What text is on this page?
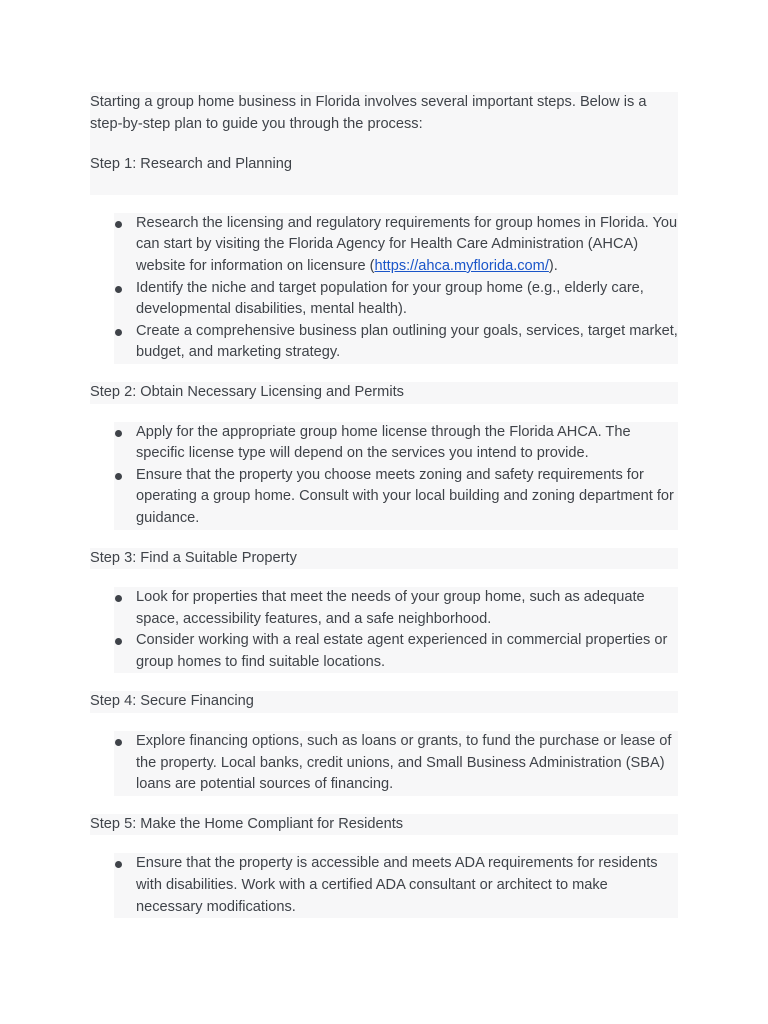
Starting a group home business in Florida involves several important steps. Below is a step-by-step plan to guide you through the process:

Step 1: Research and Planning

Research the licensing and regulatory requirements for group homes in Florida. You can start by visiting the Florida Agency for Health Care Administration (AHCA) website for information on licensure (https://ahca.myflorida.com/).
Identify the niche and target population for your group home (e.g., elderly care, developmental disabilities, mental health).
Create a comprehensive business plan outlining your goals, services, target market, budget, and marketing strategy.

Step 2: Obtain Necessary Licensing and Permits

Apply for the appropriate group home license through the Florida AHCA. The specific license type will depend on the services you intend to provide.
Ensure that the property you choose meets zoning and safety requirements for operating a group home. Consult with your local building and zoning department for guidance.

Step 3: Find a Suitable Property

Look for properties that meet the needs of your group home, such as adequate space, accessibility features, and a safe neighborhood.
Consider working with a real estate agent experienced in commercial properties or group homes to find suitable locations.

Step 4: Secure Financing

Explore financing options, such as loans or grants, to fund the purchase or lease of the property. Local banks, credit unions, and Small Business Administration (SBA) loans are potential sources of financing.

Step 5: Make the Home Compliant for Residents

Ensure that the property is accessible and meets ADA requirements for residents with disabilities. Work with a certified ADA consultant or architect to make necessary modifications.
